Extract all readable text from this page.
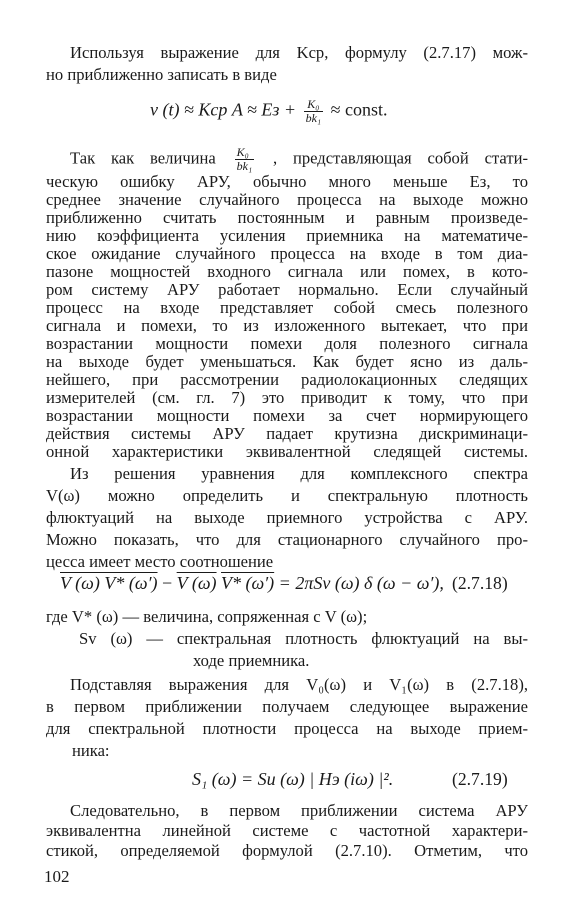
Используя выражение для Kср, формулу (2.7.17) мож-
но приближенно записать в виде
v (t) ≈ Kср A ≈ Eз + $\frac{\text{K₀}}{\text{bk₁}}$ ≈ const.
Так как величина $\frac{\text{K₀}}{\text{bk₁}}$ , представляющая собой стати-
ческую ошибку АРУ, обычно много меньше Eз, то
среднее значение случайного процесса на выходе можно
приближенно считать постоянным и равным произведе-
нию коэффициента усиления приемника на математиче-
ское ожидание случайного процесса на входе в том диа-
пазоне мощностей входного сигнала или помех, в кото-
ром систему АРУ работает нормально. Если случайный
процесс на входе представляет собой смесь полезного
сигнала и помехи, то из изложенного вытекает, что при
возрастании мощности помехи доля полезного сигнала
на выходе будет уменьшаться. Как будет ясно из даль-
нейшего, при рассмотрении радиолокационных следящих
измерителей (см. гл. 7) это приводит к тому, что при
возрастании мощности помехи за счет нормирующего
действия системы АРУ падает крутизна дискриминаци-
онной характеристики эквивалентной следящей системы.
Из решения уравнения для комплексного спектра
V(ω) можно определить и спектральную плотность
флюктуаций на выходе приемного устройства с АРУ.
Можно показать, что для стационарного случайного про-
цесса имеет место соотношение
V (ω) V* (ω′) − V (ω) V* (ω′) = 2πSv (ω) δ (ω − ω′), (2.7.18)
где V* (ω) — величина, сопряженная с V (ω);
Sv (ω) — спектральная плотность флюктуаций на вы-
ходе приемника.
Подставляя выражения для V₀(ω) и V₁(ω) в (2.7.18),
в первом приближении получаем следующее выражение
для спектральной плотности процесса на выходе прием-
ника:
102
S₁ (ω) = Su (ω) | Hэ (iω) |².	(2.7.19)
Следовательно, в первом приближении система АРУ
эквивалентна линейной системе с частотной характери-
стикой, определяемой формулой (2.7.10). Отметим, что
